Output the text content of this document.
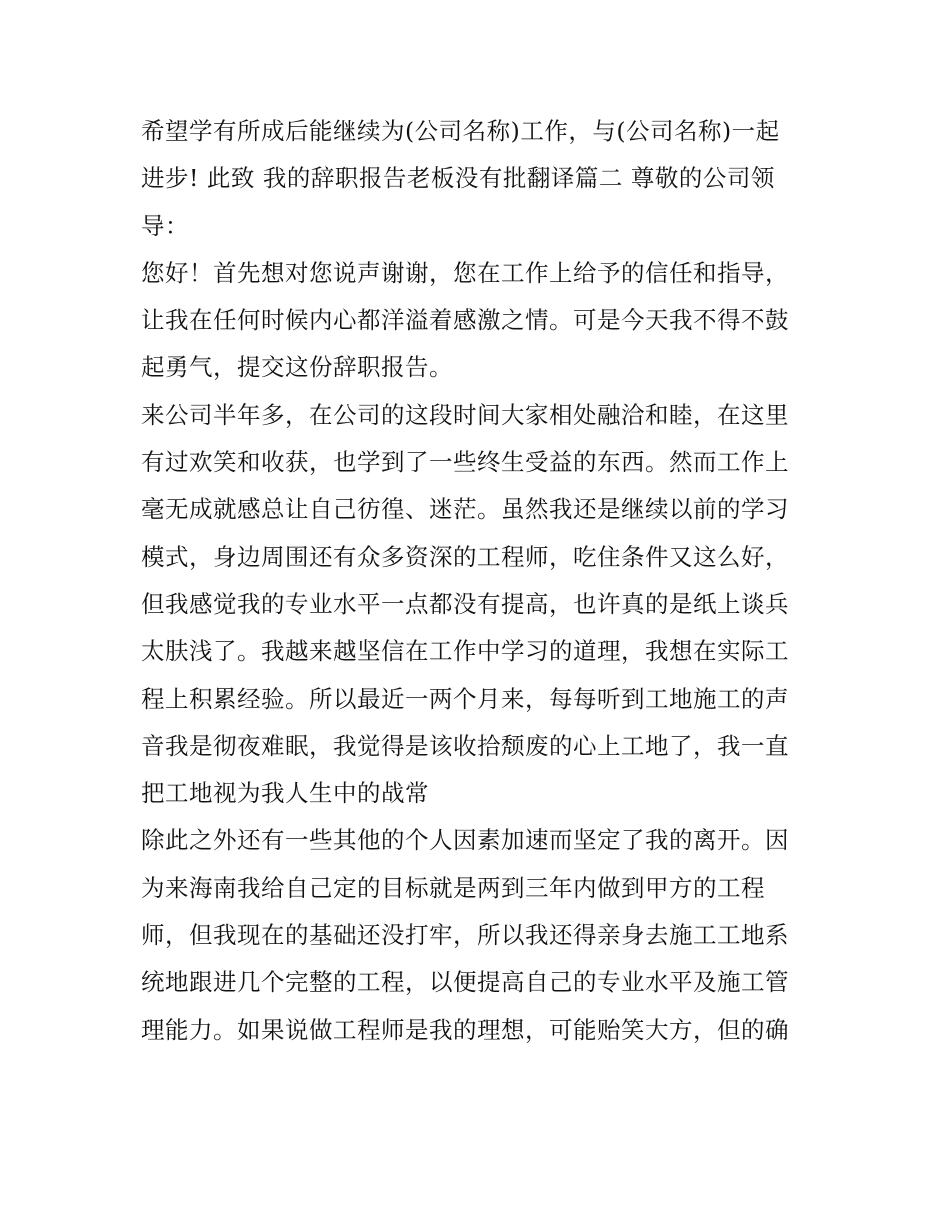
希望学有所成后能继续为(公司名称)工作，与(公司名称)一起
进步! 此致 我的辞职报告老板没有批翻译篇二 尊敬的公司领
导：
您好！首先想对您说声谢谢，您在工作上给予的信任和指导，
让我在任何时候内心都洋溢着感激之情。可是今天我不得不鼓
起勇气，提交这份辞职报告。
来公司半年多，在公司的这段时间大家相处融洽和睦，在这里
有过欢笑和收获，也学到了一些终生受益的东西。然而工作上
毫无成就感总让自己彷徨、迷茫。虽然我还是继续以前的学习
模式，身边周围还有众多资深的工程师，吃住条件又这么好，
但我感觉我的专业水平一点都没有提高，也许真的是纸上谈兵
太肤浅了。我越来越坚信在工作中学习的道理，我想在实际工
程上积累经验。所以最近一两个月来，每每听到工地施工的声
音我是彻夜难眠，我觉得是该收拾颓废的心上工地了，我一直
把工地视为我人生中的战常
除此之外还有一些其他的个人因素加速而坚定了我的离开。因
为来海南我给自己定的目标就是两到三年内做到甲方的工程
师，但我现在的基础还没打牢，所以我还得亲身去施工工地系
统地跟进几个完整的工程，以便提高自己的专业水平及施工管
理能力。如果说做工程师是我的理想，可能贻笑大方，但的确
